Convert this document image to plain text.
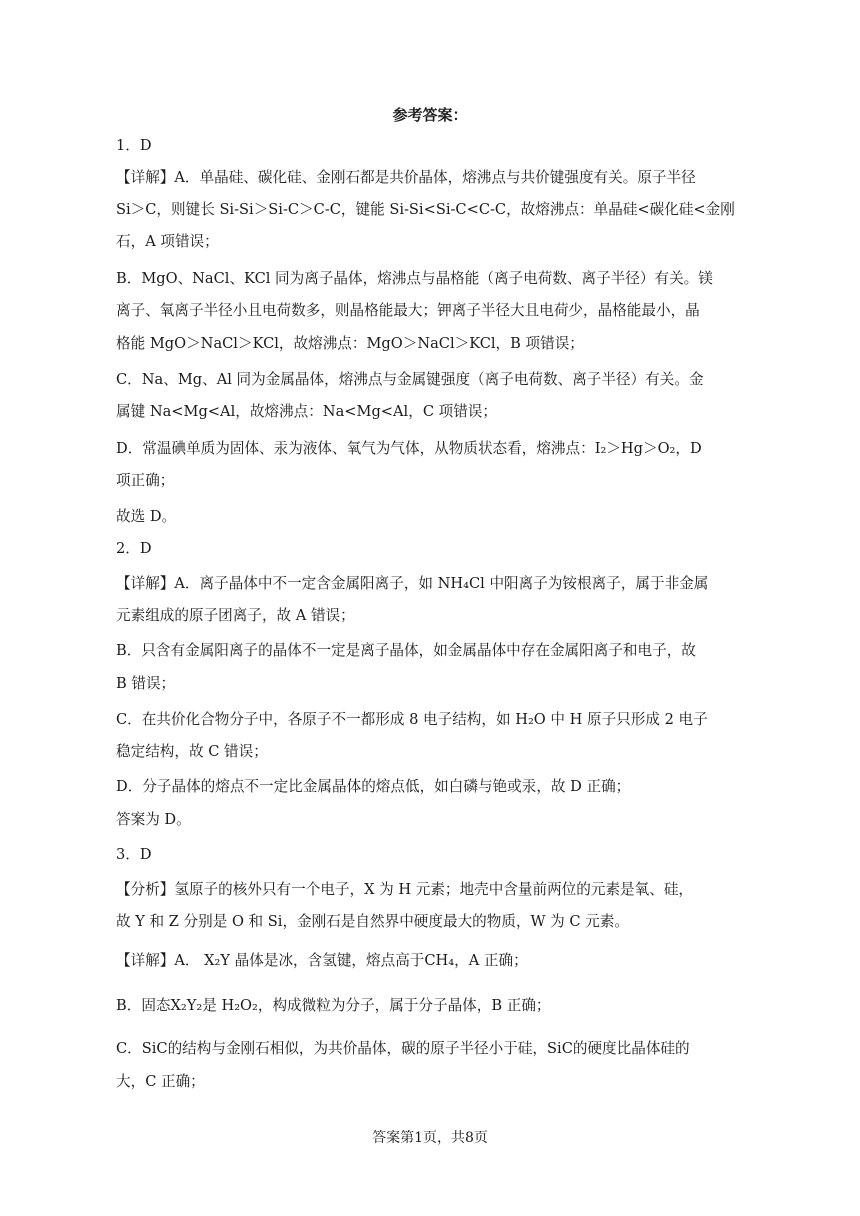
参考答案：
1．D
【详解】A．单晶硅、碳化硅、金刚石都是共价晶体，熔沸点与共价键强度有关。原子半径
Si＞C，则键长 Si-Si＞Si-C＞C-C，键能 Si-Si<Si-C<C-C，故熔沸点：单晶硅<碳化硅<金刚
石，A 项错误；
B．MgO、NaCl、KCl 同为离子晶体，熔沸点与晶格能（离子电荷数、离子半径）有关。镁
离子、氧离子半径小且电荷数多，则晶格能最大；钾离子半径大且电荷少，晶格能最小，晶
格能 MgO＞NaCl＞KCl，故熔沸点：MgO＞NaCl＞KCl，B 项错误；
C．Na、Mg、Al 同为金属晶体，熔沸点与金属键强度（离子电荷数、离子半径）有关。金
属键 Na<Mg<Al，故熔沸点：Na<Mg<Al，C 项错误；
D．常温碘单质为固体、汞为液体、氧气为气体，从物质状态看，熔沸点：I₂＞Hg＞O₂，D
项正确；
故选 D。
2．D
【详解】A．离子晶体中不一定含金属阳离子，如 NH₄Cl 中阳离子为铵根离子，属于非金属
元素组成的原子团离子，故 A 错误；
B．只含有金属阳离子的晶体不一定是离子晶体，如金属晶体中存在金属阳离子和电子，故
B 错误；
C．在共价化合物分子中，各原子不一都形成 8 电子结构，如 H₂O 中 H 原子只形成 2 电子
稳定结构，故 C 错误；
D．分子晶体的熔点不一定比金属晶体的熔点低，如白磷与铯或汞，故 D 正确；
答案为 D。
3．D
【分析】氢原子的核外只有一个电子，X 为 H 元素；地壳中含量前两位的元素是氧、硅，
故 Y 和 Z 分别是 O 和 Si，金刚石是自然界中硬度最大的物质，W 为 C 元素。
【详解】A． X₂Y 晶体是冰，含氢键，熔点高于CH₄，A 正确；
B．固态X₂Y₂是 H₂O₂，构成微粒为分子，属于分子晶体，B 正确；
C．SiC的结构与金刚石相似，为共价晶体，碳的原子半径小于硅，SiC的硬度比晶体硅的
大，C 正确；
答案第1页，共8页
